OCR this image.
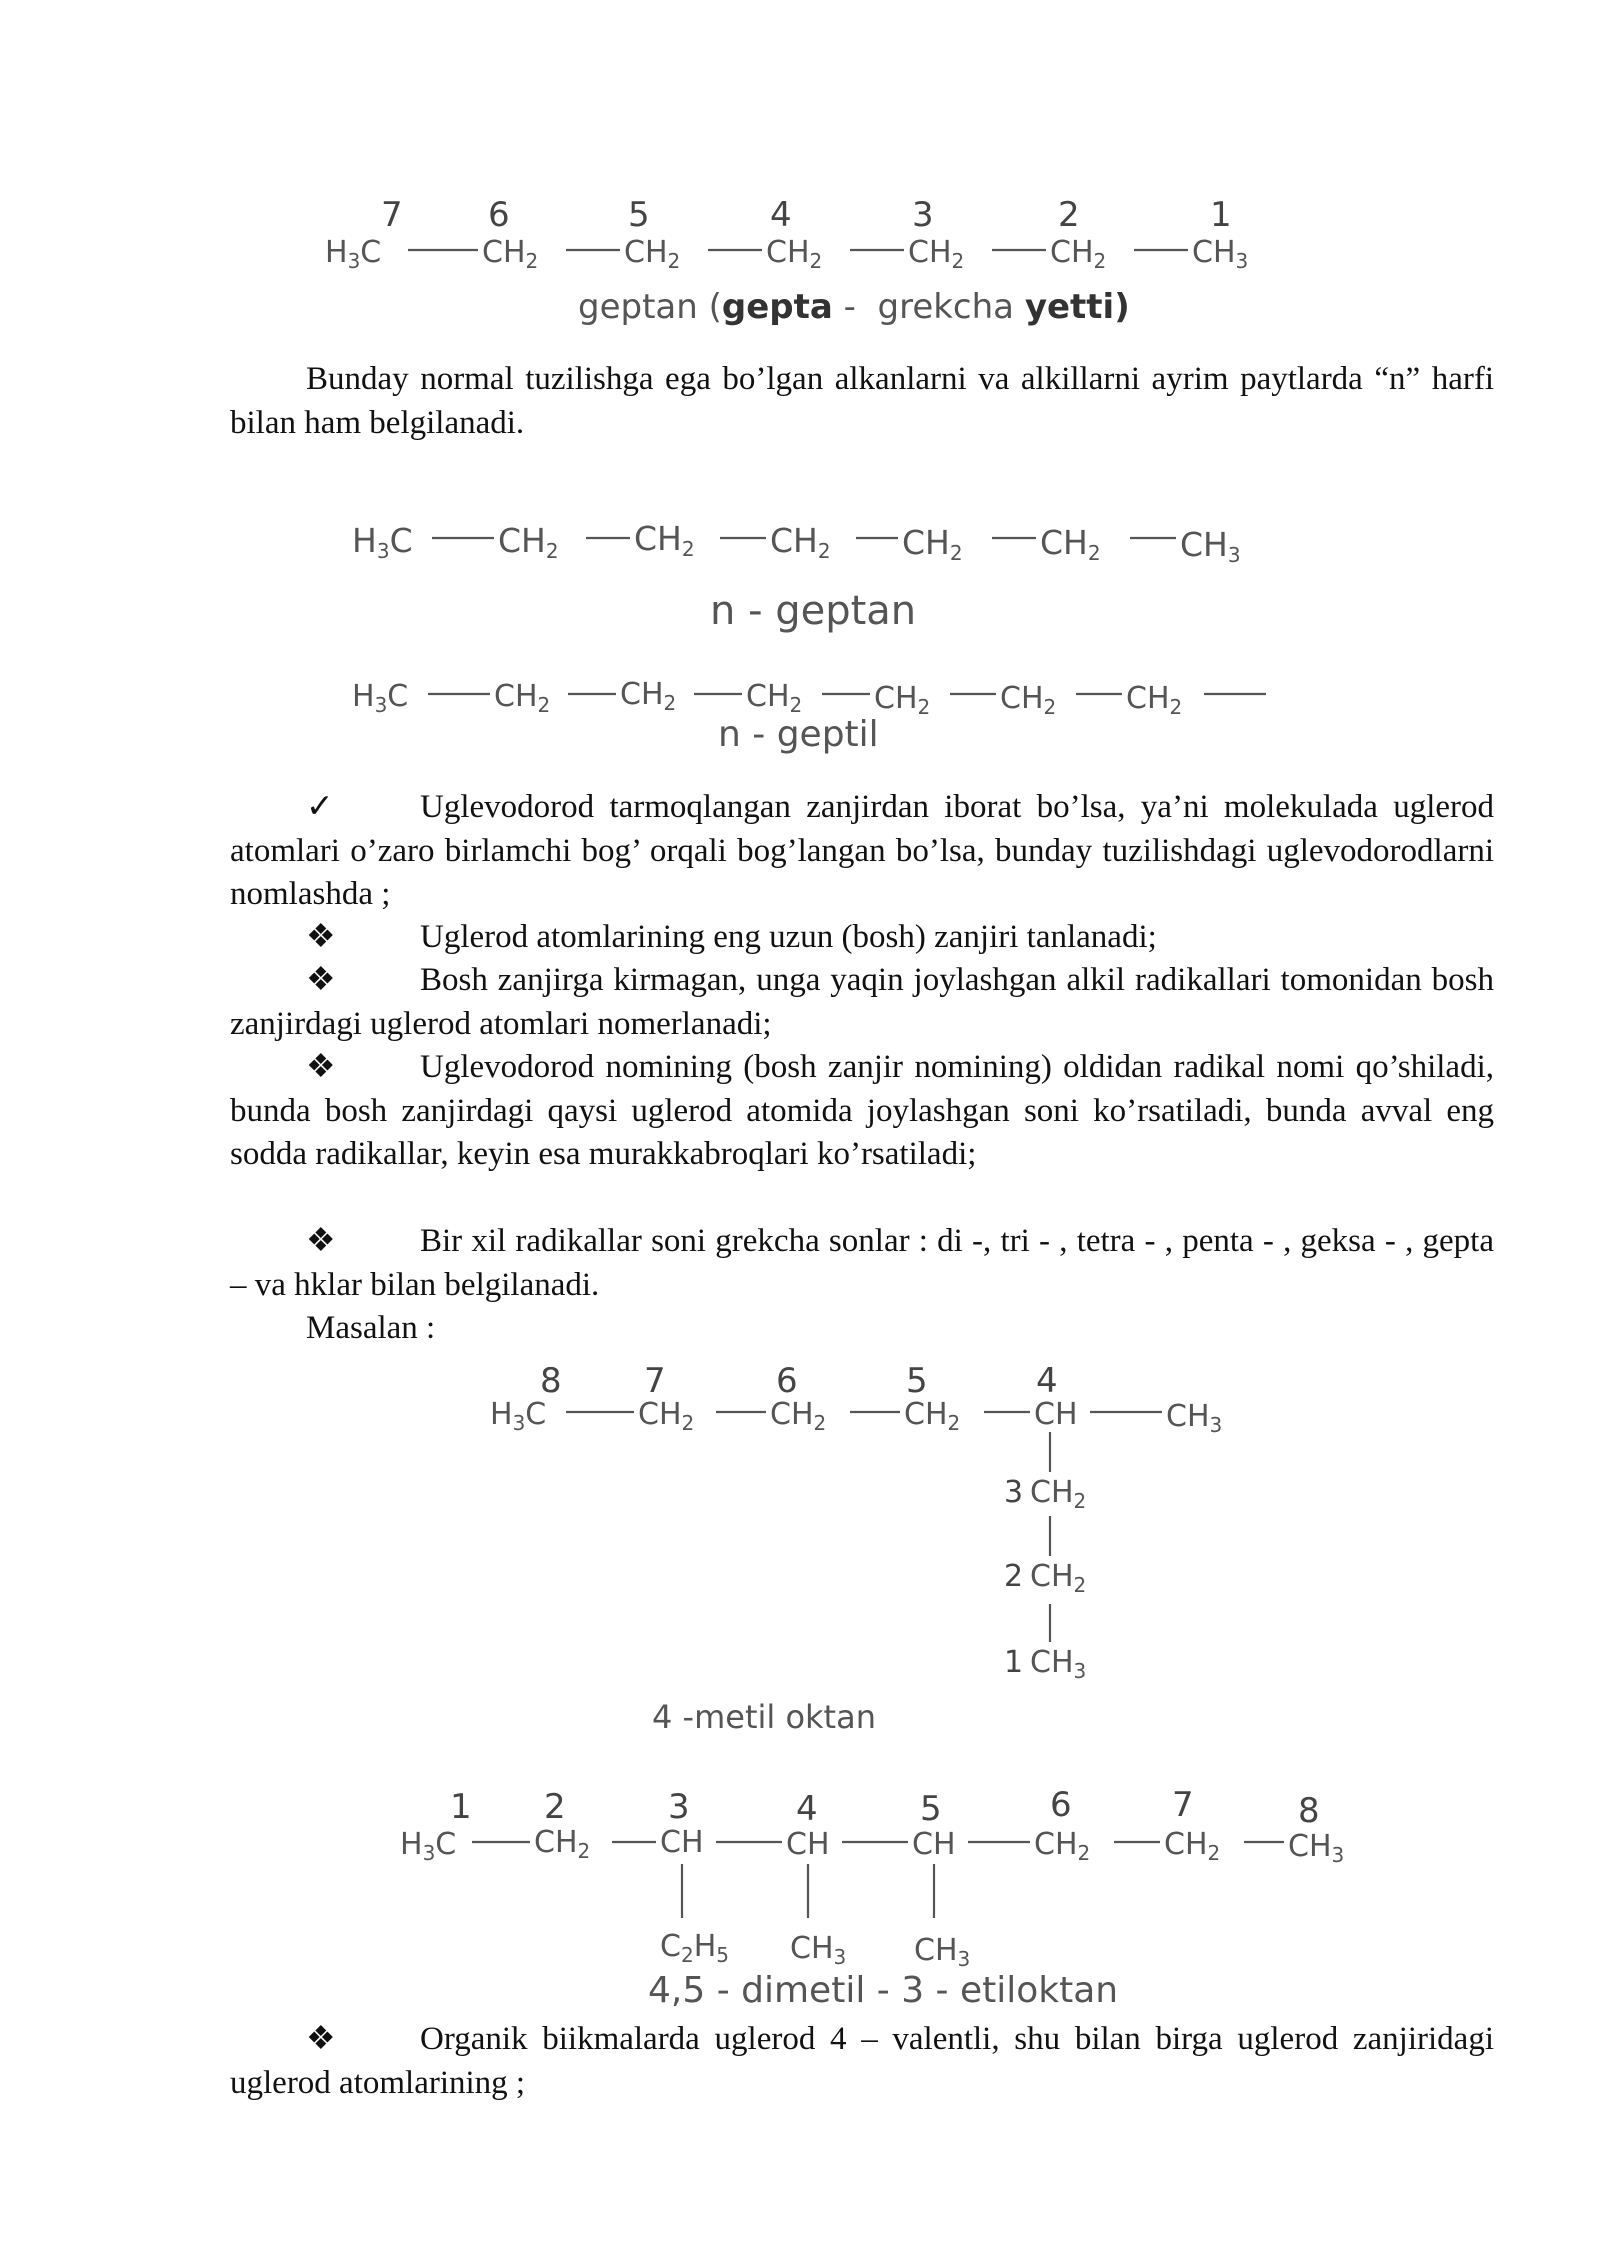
7	6	5	4	3	2	1
$H_3C$	$CH_2$	$CH_2$	$CH_2$	$CH_2$	$CH_2$	$CH_3$
geptan (gepta -  grekcha yetti)
Bunday normal tuzilishga ega bo’lgan alkanlarni va alkillarni ayrim paytlarda “n” harfi bilan ham belgilanadi.
H3C	CH2 CH2 CH2 CH2 CH2 CH3
n - geptan
$H_3C$	$CH_2$ $CH_2$ $CH_2$ $CH_2$ $CH_2$ $CH_2$
n - geptil
✓	Uglevodorod tarmoqlangan zanjirdan iborat bo’lsa, ya’ni molekulada uglerod atomlari o’zaro birlamchi bog’ orqali bog’langan bo’lsa, bunday tuzilishdagi uglevodorodlarni nomlashda ;
❖	Uglerod atomlarining eng uzun (bosh) zanjiri tanlanadi;
❖	Bosh zanjirga kirmagan, unga yaqin joylashgan alkil radikallari tomonidan bosh zanjirdagi uglerod atomlari nomerlanadi;
❖	Uglevodorod nomining (bosh zanjir nomining) oldidan radikal nomi qo’shiladi, bunda bosh zanjirdagi qaysi uglerod atomida joylashgan soni ko’rsatiladi, bunda avval eng sodda radikallar, keyin esa murakkabroqlari ko’rsatiladi;
❖	Bir xil radikallar soni grekcha sonlar : di -, tri - , tetra - , penta - , geksa - , gepta – va hklar bilan belgilanadi.
Masalan :
8 7	6	5	4
$H_3C$	$CH_2$	$CH_2$	$CH_2$ CH	$CH_3$
3 $CH_2$
2 $CH_2$
1 $CH_3$
4 -metil oktan
1 2	3	4	5	6	7	8
$H_3C$	$CH_2$ CH	CH	CH	$CH_2$ $CH_2$ $CH_3$
$C_2H_5$ $CH_3$ $CH_3$
4,5 - dimetil - 3 - etiloktan
❖	Organik biikmalarda uglerod 4 – valentli, shu bilan birga uglerod zanjiridagi uglerod atomlarining ;
